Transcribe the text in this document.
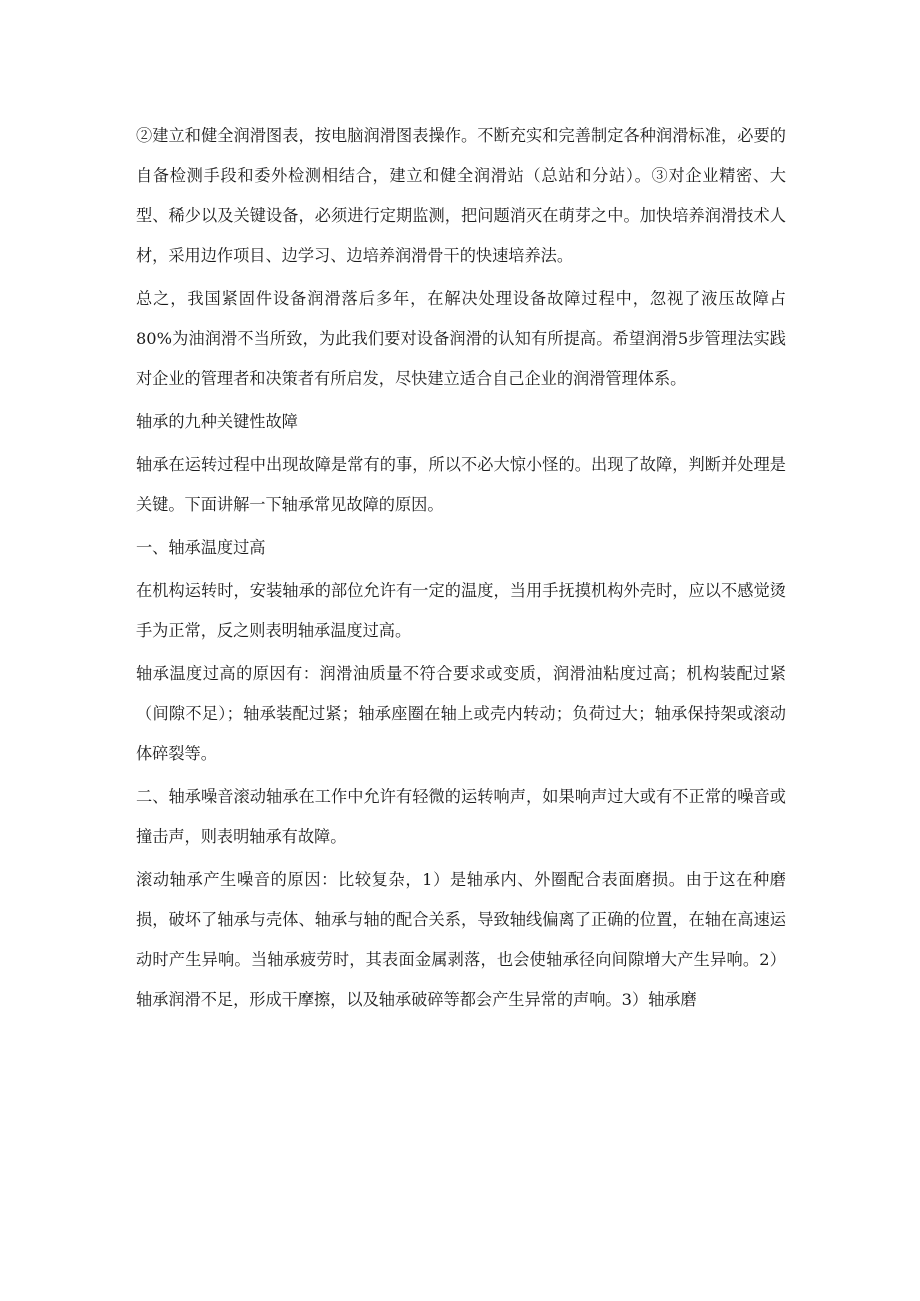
②建立和健全润滑图表，按电脑润滑图表操作。不断充实和完善制定各种润滑标准，必要的自备检测手段和委外检测相结合，建立和健全润滑站（总站和分站）。③对企业精密、大型、稀少以及关键设备，必须进行定期监测，把问题消灭在萌芽之中。加快培养润滑技术人材，采用边作项目、边学习、边培养润滑骨干的快速培养法。

总之，我国紧固件设备润滑落后多年，在解决处理设备故障过程中，忽视了液压故障占80%为油润滑不当所致，为此我们要对设备润滑的认知有所提高。希望润滑5步管理法实践对企业的管理者和决策者有所启发，尽快建立适合自己企业的润滑管理体系。

轴承的九种关键性故障

轴承在运转过程中出现故障是常有的事，所以不必大惊小怪的。出现了故障，判断并处理是关键。下面讲解一下轴承常见故障的原因。

一、轴承温度过高

在机构运转时，安装轴承的部位允许有一定的温度，当用手抚摸机构外壳时，应以不感觉烫手为正常，反之则表明轴承温度过高。

轴承温度过高的原因有：润滑油质量不符合要求或变质，润滑油粘度过高；机构装配过紧（间隙不足）；轴承装配过紧；轴承座圈在轴上或壳内转动；负荷过大；轴承保持架或滚动体碎裂等。

二、轴承噪音滚动轴承在工作中允许有轻微的运转响声，如果响声过大或有不正常的噪音或撞击声，则表明轴承有故障。

滚动轴承产生噪音的原因：比较复杂，1）是轴承内、外圈配合表面磨损。由于这在种磨损，破坏了轴承与壳体、轴承与轴的配合关系，导致轴线偏离了正确的位置，在轴在高速运动时产生异响。当轴承疲劳时，其表面金属剥落，也会使轴承径向间隙增大产生异响。2）轴承润滑不足，形成干摩擦，以及轴承破碎等都会产生异常的声响。3）轴承磨
